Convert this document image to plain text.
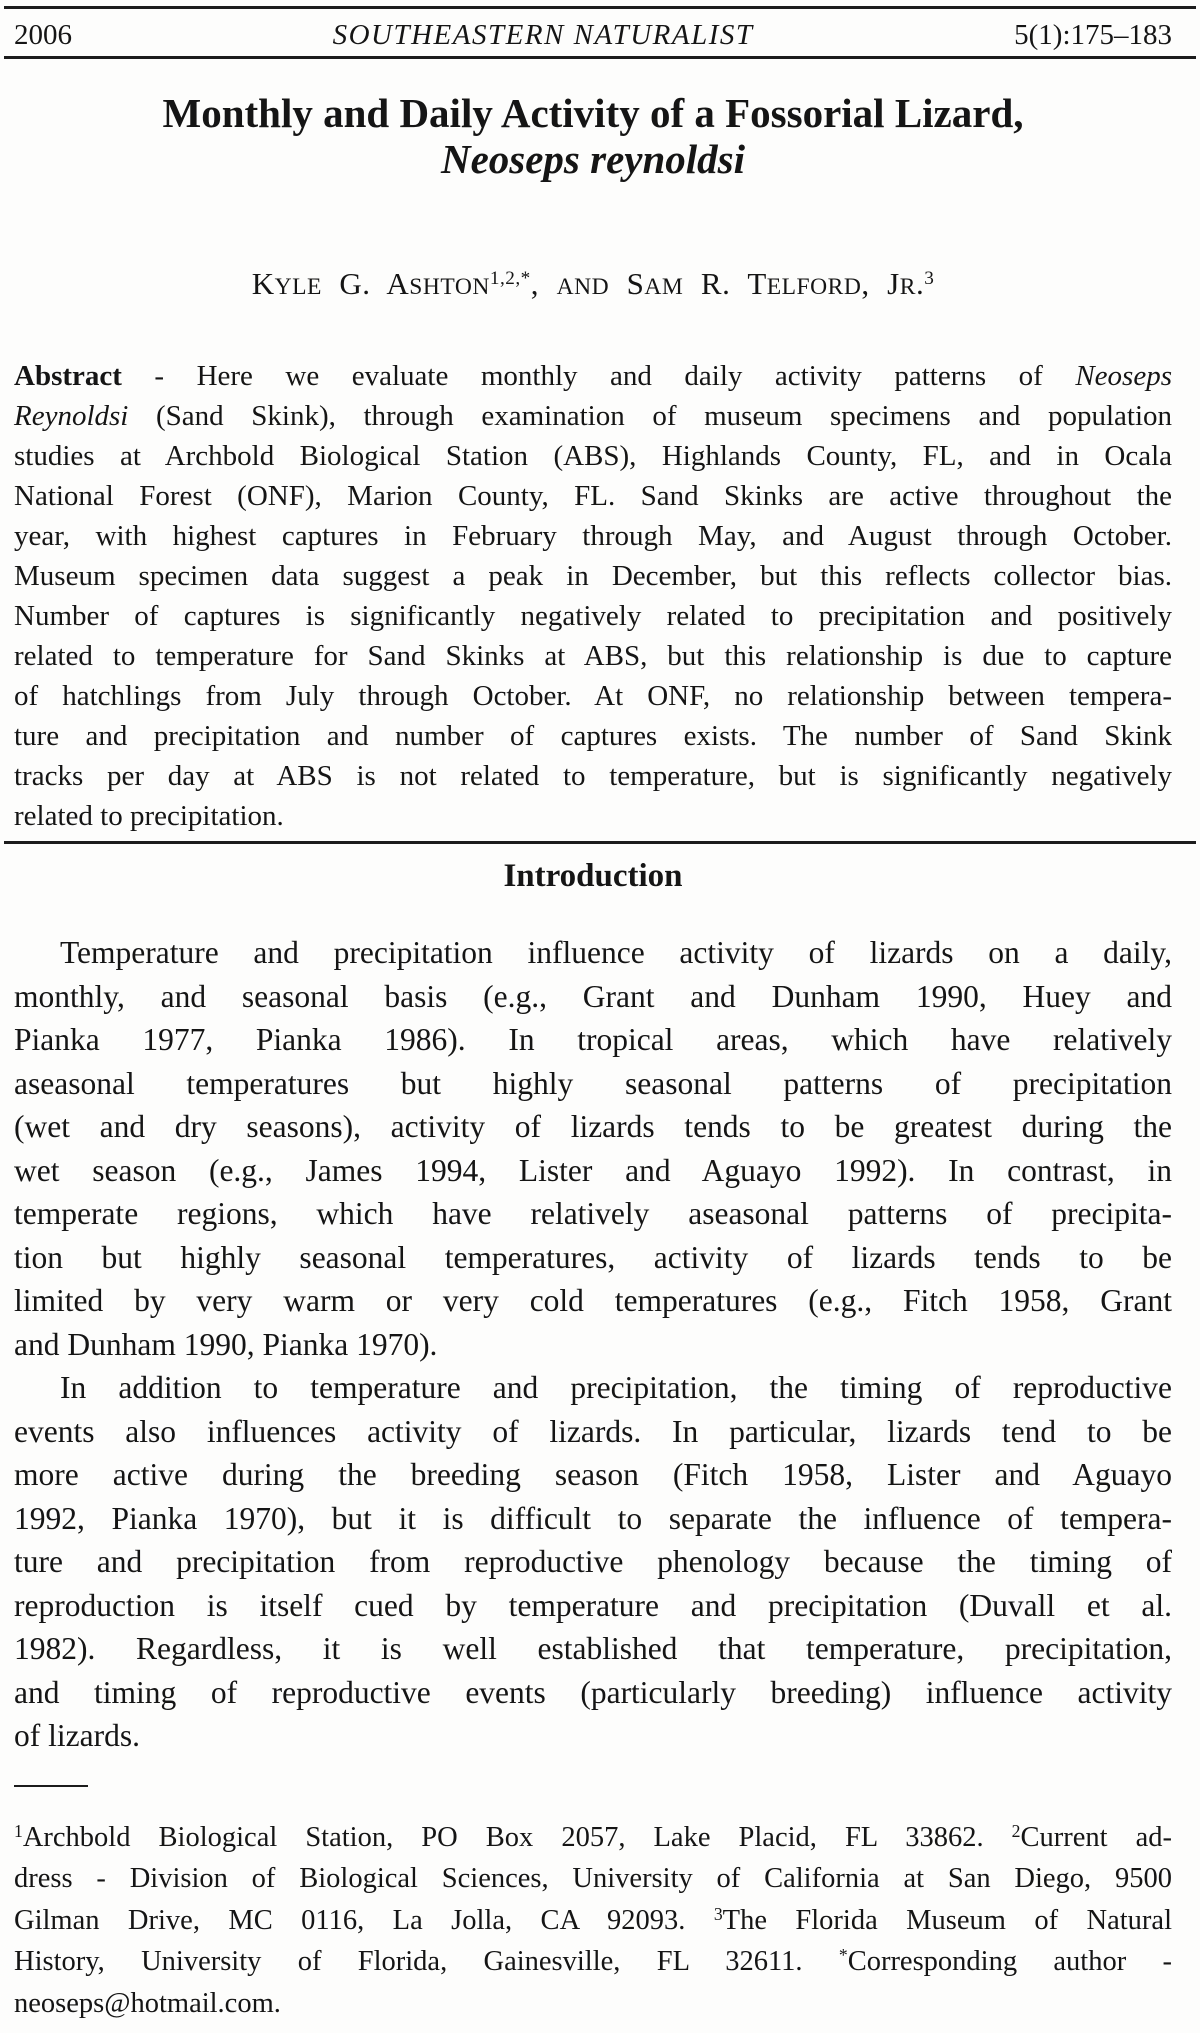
2006	SOUTHEASTERN NATURALIST	5(1):175–183
Monthly and Daily Activity of a Fossorial Lizard,
Neoseps reynoldsi
KYLE G. $ASHTON^{1,2,*}$, AND SAM R. TELFORD, JR.$^3$
Abstract - Here we evaluate monthly and daily activity patterns of Neoseps
Reynoldsi (Sand Skink), through examination of museum specimens and population
studies at Archbold Biological Station (ABS), Highlands County, FL, and in Ocala
National Forest (ONF), Marion County, FL. Sand Skinks are active throughout the
year, with highest captures in February through May, and August through October.
Museum specimen data suggest a peak in December, but this reflects collector bias.
Number of captures is significantly negatively related to precipitation and positively
related to temperature for Sand Skinks at ABS, but this relationship is due to capture
of hatchlings from July through October. At ONF, no relationship between tempera-
ture and precipitation and number of captures exists. The number of Sand Skink
tracks per day at ABS is not related to temperature, but is significantly negatively
related to precipitation.
Introduction
Temperature and precipitation influence activity of lizards on a daily,
monthly, and seasonal basis (e.g., Grant and Dunham 1990, Huey and
Pianka 1977, Pianka 1986). In tropical areas, which have relatively
aseasonal temperatures but highly seasonal patterns of precipitation
(wet and dry seasons), activity of lizards tends to be greatest during the
wet season (e.g., James 1994, Lister and Aguayo 1992). In contrast, in
temperate regions, which have relatively aseasonal patterns of precipita-
tion but highly seasonal temperatures, activity of lizards tends to be
limited by very warm or very cold temperatures (e.g., Fitch 1958, Grant
and Dunham 1990, Pianka 1970).
In addition to temperature and precipitation, the timing of reproductive
events also influences activity of lizards. In particular, lizards tend to be
more active during the breeding season (Fitch 1958, Lister and Aguayo
1992, Pianka 1970), but it is difficult to separate the influence of tempera-
ture and precipitation from reproductive phenology because the timing of
reproduction is itself cued by temperature and precipitation (Duvall et al.
1982). Regardless, it is well established that temperature, precipitation,
and timing of reproductive events (particularly breeding) influence activity
of lizards.
$^1$Archbold Biological Station, PO Box 2057, Lake Placid, FL 33862. $^2$Current ad-
dress - Division of Biological Sciences, University of California at San Diego, 9500
Gilman Drive, MC 0116, La Jolla, CA 92093. $^3$The Florida Museum of Natural
History, University of Florida, Gainesville, FL 32611. *Corresponding author -
neoseps@hotmail.com.
